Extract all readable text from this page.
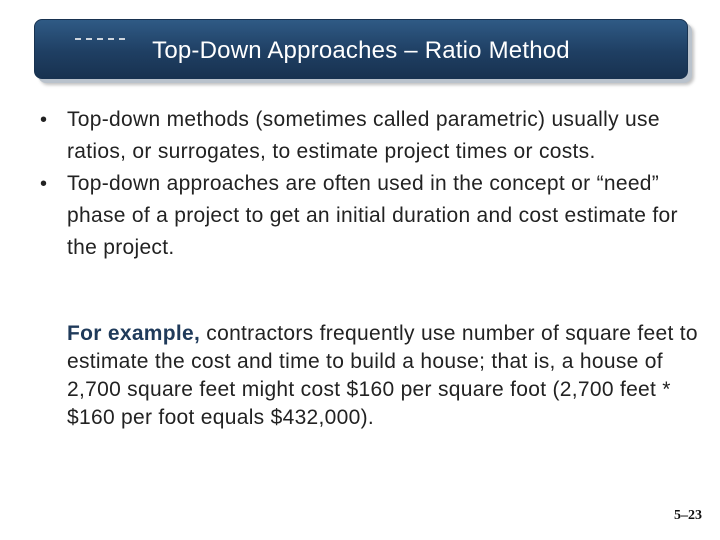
Top-Down Approaches – Ratio Method
• Top-down methods (sometimes called parametric) usually use ratios, or surrogates, to estimate project times or costs.
• Top-down approaches are often used in the concept or “need” phase of a project to get an initial duration and cost estimate for the project.

For example, contractors frequently use number of square feet to estimate the cost and time to build a house; that is, a house of 2,700 square feet might cost $160 per square foot (2,700 feet * $160 per foot equals $432,000).

5–23
